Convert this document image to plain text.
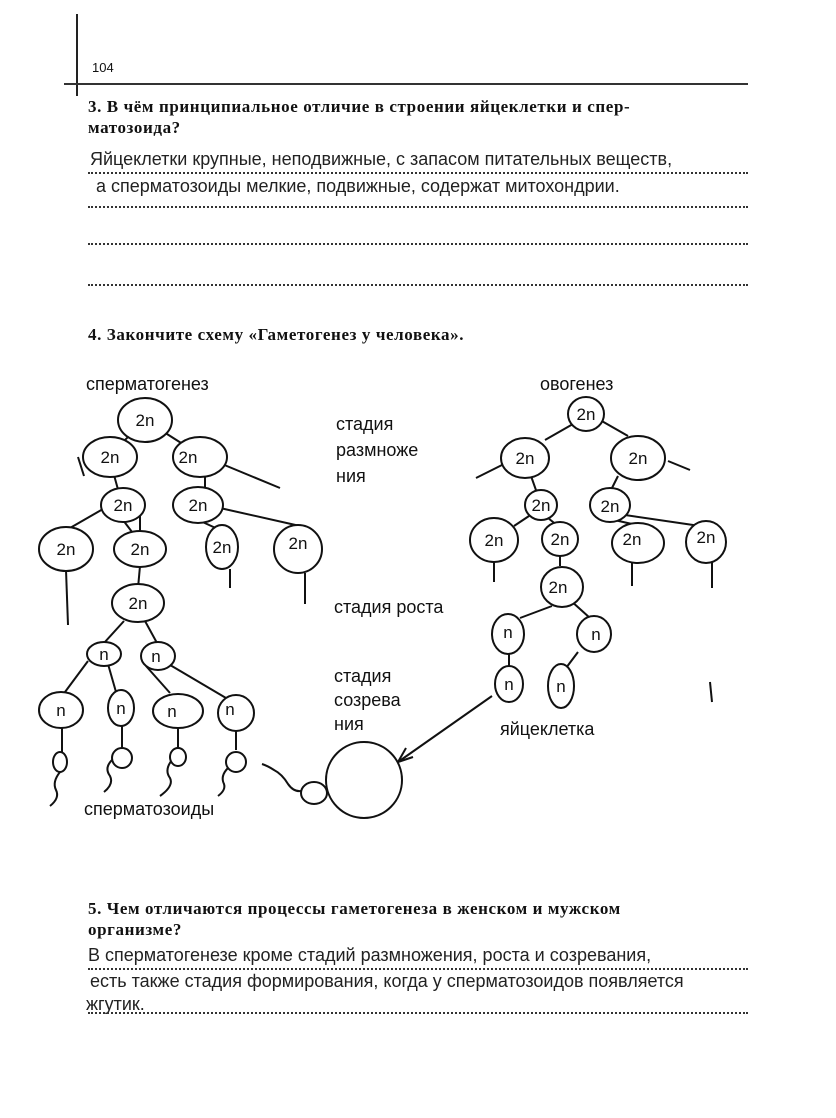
104
3. В чём принципиальное отличие в строении яйцеклетки и спер-
матозоида?
Яйцеклетки крупные, неподвижные, с запасом питательных веществ,
а сперматозоиды мелкие, подвижные, содержат митохондрии.
4. Закончите схему «Гаметогенез у человека».
2n
2n	2n
2n	2n
2n	2n	2n	2n
2n
n	n
n	n n	n
2n
2n	2n
2n	2n
2n	2n	2n	2n
2n
n	n
n	n
сперматогенез	овогенез
стадия
размноже
ния
стадия роста
стадия
созрева
ния	яйцеклетка
сперматозоиды
5. Чем отличаются процессы гаметогенеза в женском и мужском
организме?
В сперматогенезе кроме стадий размножения, роста и созревания,
есть также стадия формирования, когда у сперматозоидов появляется
жгутик.
